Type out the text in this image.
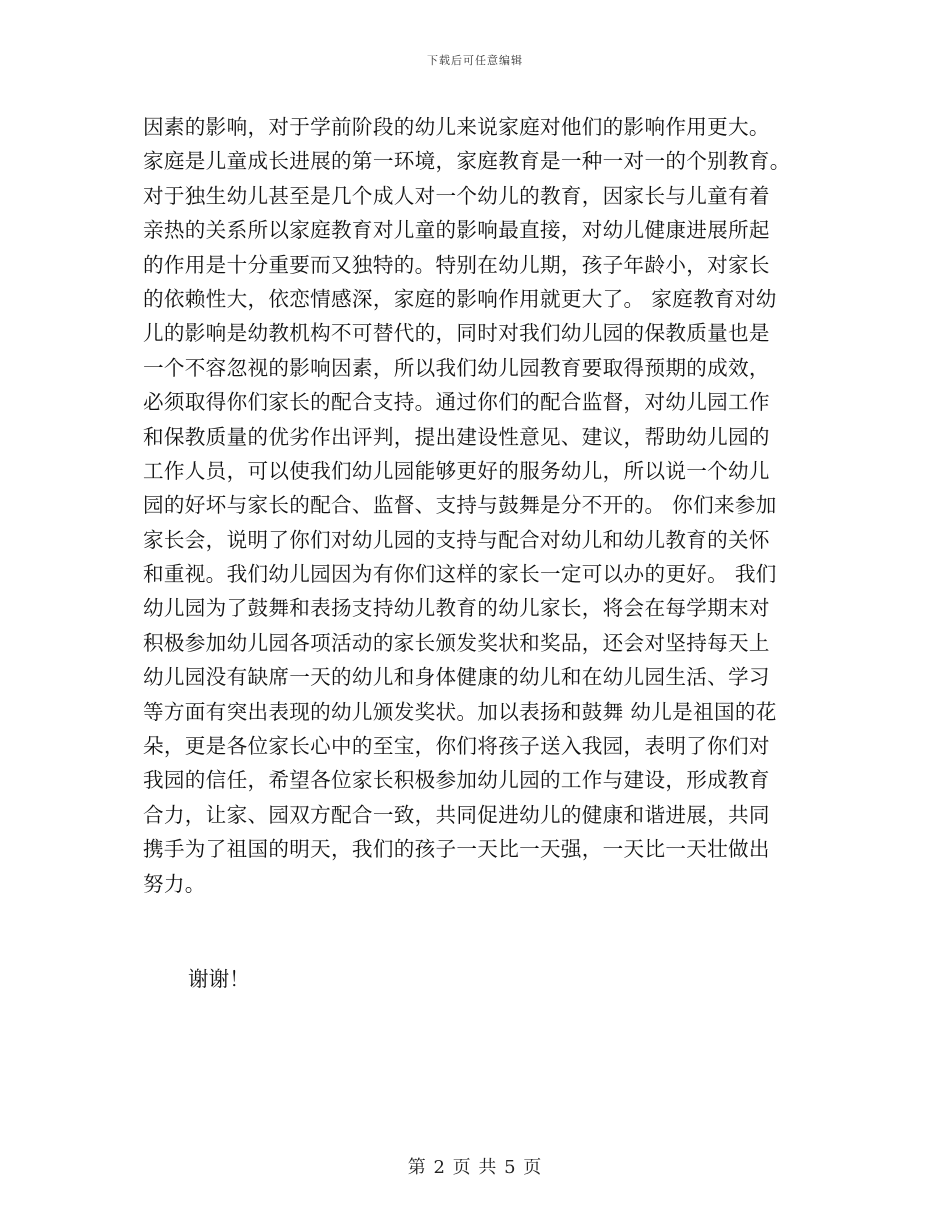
下载后可任意编辑
因素的影响，对于学前阶段的幼儿来说家庭对他们的影响作用更大。
家庭是儿童成长进展的第一环境，家庭教育是一种一对一的个别教育。
对于独生幼儿甚至是几个成人对一个幼儿的教育，因家长与儿童有着
亲热的关系所以家庭教育对儿童的影响最直接，对幼儿健康进展所起
的作用是十分重要而又独特的。特别在幼儿期，孩子年龄小，对家长
的依赖性大，依恋情感深，家庭的影响作用就更大了。 家庭教育对幼
儿的影响是幼教机构不可替代的，同时对我们幼儿园的保教质量也是
一个不容忽视的影响因素，所以我们幼儿园教育要取得预期的成效，
必须取得你们家长的配合支持。通过你们的配合监督，对幼儿园工作
和保教质量的优劣作出评判，提出建设性意见、建议，帮助幼儿园的
工作人员，可以使我们幼儿园能够更好的服务幼儿，所以说一个幼儿
园的好坏与家长的配合、监督、支持与鼓舞是分不开的。 你们来参加
家长会，说明了你们对幼儿园的支持与配合对幼儿和幼儿教育的关怀
和重视。我们幼儿园因为有你们这样的家长一定可以办的更好。 我们
幼儿园为了鼓舞和表扬支持幼儿教育的幼儿家长，将会在每学期末对
积极参加幼儿园各项活动的家长颁发奖状和奖品，还会对坚持每天上
幼儿园没有缺席一天的幼儿和身体健康的幼儿和在幼儿园生活、学习
等方面有突出表现的幼儿颁发奖状。加以表扬和鼓舞 幼儿是祖国的花
朵，更是各位家长心中的至宝，你们将孩子送入我园，表明了你们对
我园的信任，希望各位家长积极参加幼儿园的工作与建设，形成教育
合力，让家、园双方配合一致，共同促进幼儿的健康和谐进展，共同
携手为了祖国的明天，我们的孩子一天比一天强，一天比一天壮做出
努力。
谢谢！
第 2 页 共 5 页
